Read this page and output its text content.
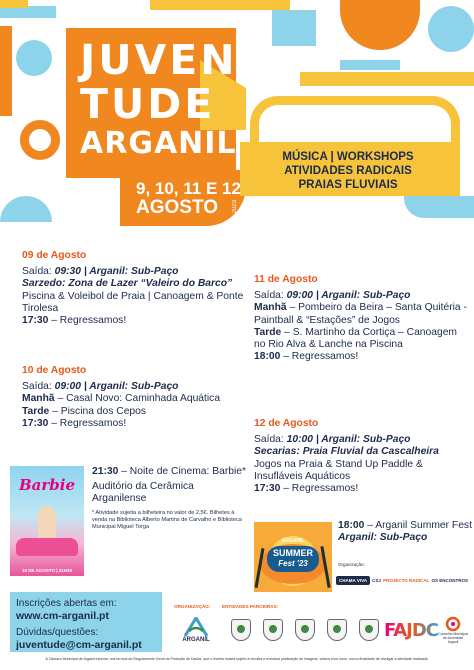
JUVEN
TUDE
ARGANIL	MÚSICA | WORKSHOPS
ATIVIDADES RADICAIS
PRAIAS FLUVIAIS
9, 10, 11 E 12
AGOSTO 2023
09 de Agosto

Saída: 09:30 | Arganil: Sub-Paço

Sarzedo: Zona de Lazer “Valeiro do Barco”

Piscina & Voleibol de Praia | Canoagem & Ponte Tirolesa

17:30 – Regressamos!

10 de Agosto

Saída: 09:00 | Arganil: Sub-Paço

Manhã – Casal Novo: Caminhada Aquática

Tarde – Piscina dos Cepos

17:30 – Regressamos!

Barbie
10 DE AGOSTO | 21H30

21:30 – Noite de Cinema: Barbie*

Auditório da Cerâmica Arganilense

* Atividade sujeita a bilheteira no valor de 2,5€. Bilhetes à venda na Biblioteca Alberto Martins de Carvalho e Biblioteca Municipal Miguel Torga

11 de Agosto

Saída: 09:00 | Arganil: Sub-Paço

Manhã – Pombeiro da Beira – Santa Quitéria - Paintball & “Estações” de Jogos

Tarde – S. Martinho da Cortiça – Canoagem no Rio Alva & Lanche na Piscina

18:00 – Regressamos!

12 de Agosto

Saída: 10:00 | Arganil: Sub-Paço

Secarias: Praia Fluvial da Cascalheira

Jogos na Praia & Stand Up Paddle & Insufláveis Aquáticos

17:30 – Regressamos!

ARGANIL
SUMMER
Fest '23

18:00 – Arganil Summer Fest

Arganil: Sub-Paço

Organização:
CHAMA VIVA	CSJ PROJECTO RADICAL OS ENCONTROS

Inscrições abertas em:

www.cm-arganil.pt

Dúvidas/questões:

juventude@cm-arganil.pt

ORGANIZAÇÃO:	ENTIDADES PARCEIRAS:
ARGANIL	FAJDC Conselho Municipal da Juventude Arganil
A Câmara Municipal de Arganil informa, nos termos do Regulamento Geral de Proteção de Dados, que o evento estará sujeito à recolha e eventual publicação de imagens, vídeos e/ou sons, com a finalidade de divulgar a atividade realizada.
